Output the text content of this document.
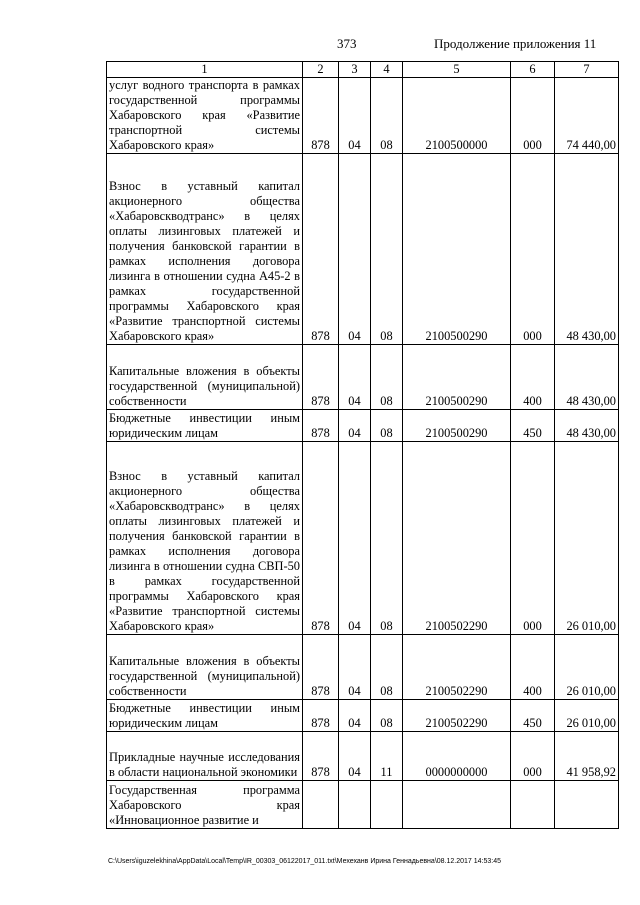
373	Продолжение приложения 11
1	2	3	4	5	6	7
услуг водного транспорта в рамках государственной программы Хабаровского края «Развитие транспортной системы Хабаровского края»	878	04	08	2100500000	000	74 440,00
Взнос в уставный капитал акционерного общества «Хабаровскводтранс» в целях оплаты лизинговых платежей и получения банковской гарантии в рамках исполнения договора лизинга в отношении судна А45-2 в рамках государственной программы Хабаровского края «Развитие транспортной системы Хабаровского края»	878	04	08	2100500290	000	48 430,00
Капитальные вложения в объекты государственной (муниципальной) собственности	878	04	08	2100500290	400	48 430,00
Бюджетные инвестиции иным юридическим лицам	878	04	08	2100500290	450	48 430,00
Взнос в уставный капитал акционерного общества «Хабаровскводтранс» в целях оплаты лизинговых платежей и получения банковской гарантии в рамках исполнения договора лизинга в отношении судна СВП-50 в рамках государственной программы Хабаровского края «Развитие транспортной системы Хабаровского края»	878	04	08	2100502290	000	26 010,00
Капитальные вложения в объекты государственной (муниципальной) собственности	878	04	08	2100502290	400	26 010,00
Бюджетные инвестиции иным юридическим лицам	878	04	08	2100502290	450	26 010,00
Прикладные научные исследования в области национальной экономики	878	04	11	0000000000	000	41 958,92
Государственная программа Хабаровского края «Инновационное развитие и						
C:\Users\iguzelekhina\AppData\Local\Temp\IR_00303_06122017_011.txt\Мехеханв Ирина Геннадьевна\08.12.2017 14:53:45
